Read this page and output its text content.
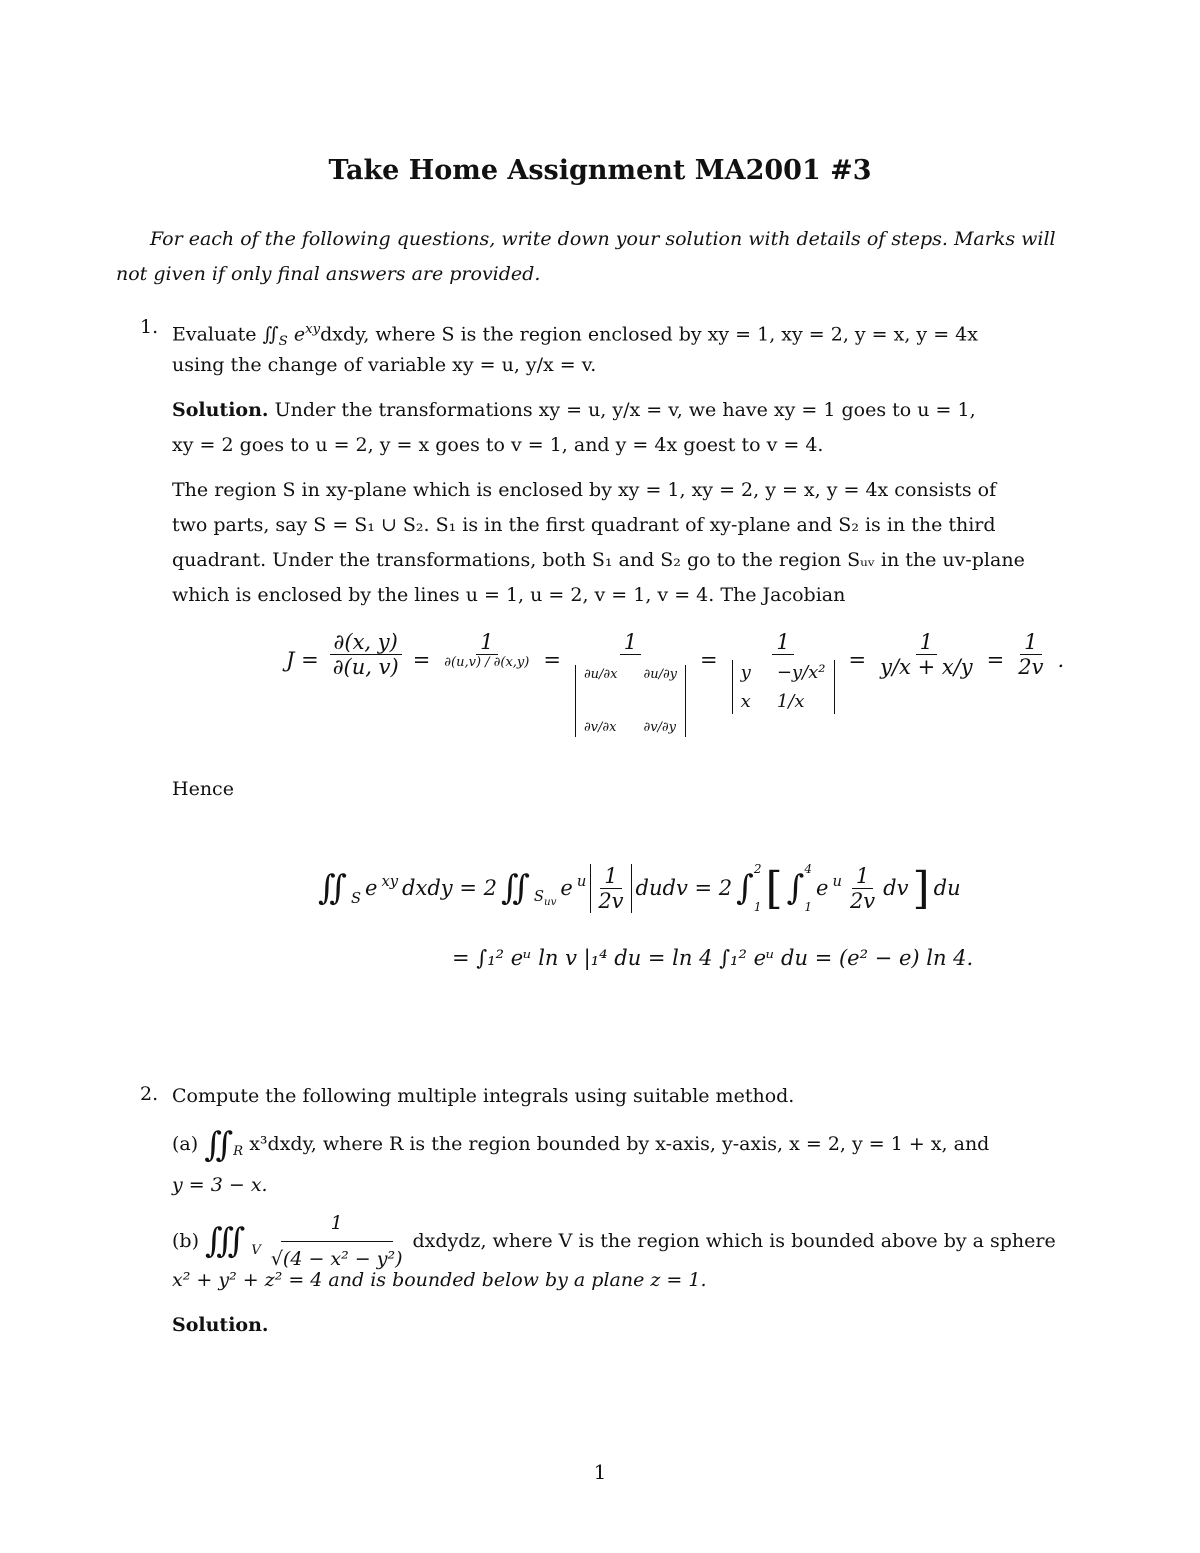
Take Home Assignment MA2001 #3
For each of the following questions, write down your solution with details of steps. Marks will not given if only final answers are provided.
1. Evaluate $∬_S$ $e^{xy}dxdy$, where S is the region enclosed by xy = 1, xy = 2, y = x, y = 4x
using the change of variable xy = u, y/x = v.
Solution. Under the transformations xy = u, y/x = v, we have xy = 1 goes to u = 1,
xy = 2 goes to u = 2, y = x goes to v = 1, and y = 4x goest to v = 4.
The region S in xy-plane which is enclosed by xy = 1, xy = 2, y = x, y = 4x consists of
two parts, say S = S₁ ∪ S₂. S₁ is in the first quadrant of xy-plane and S₂ is in the third
quadrant. Under the transformations, both S₁ and S₂ go to the region Sᵤᵥ in the uv-plane
which is enclosed by the lines u = 1, u = 2, v = 1, v = 4. The Jacobian
$J = \frac{\partial(x, y)}{\partial(u, v)} = \frac{1}{\partial(u,v) / \partial(x,y)} = 1$
∂u/∂x ∂u/∂y
∂v/∂x ∂v/∂y = 1
y −y/x²
x $1/x = \frac{1}{y/x + x/y} = \frac{1}{2v}$ .
Hence
∬ $_S$ e $^{xy}$ dxdy = 2 ∬ $_{S_{uv}}$
e $^u \frac{1}{2v}$ dudv = 2 ∫ 2
1 [ ∫ 4
1
e $^u \frac{1}{2v}$ dv ] du
= ∫₁² eᵘ ln v |₁⁴ du = ln 4 ∫₁² eᵘ du = (e² − e) ln 4.
2. Compute the following multiple integrals using suitable method.
(a) $∬_R$ x³dxdy, where R is the region bounded by x-axis, y-axis, x = 2, y = 1 + x, and
y = 3 − x.
(b) ∭ $_V \frac{1}{\text{√(4 − x² − y²)}}$ dxdydz, where V is the region which is bounded above by a sphere
x² + y² + z² = 4 and is bounded below by a plane z = 1.
Solution.
1
